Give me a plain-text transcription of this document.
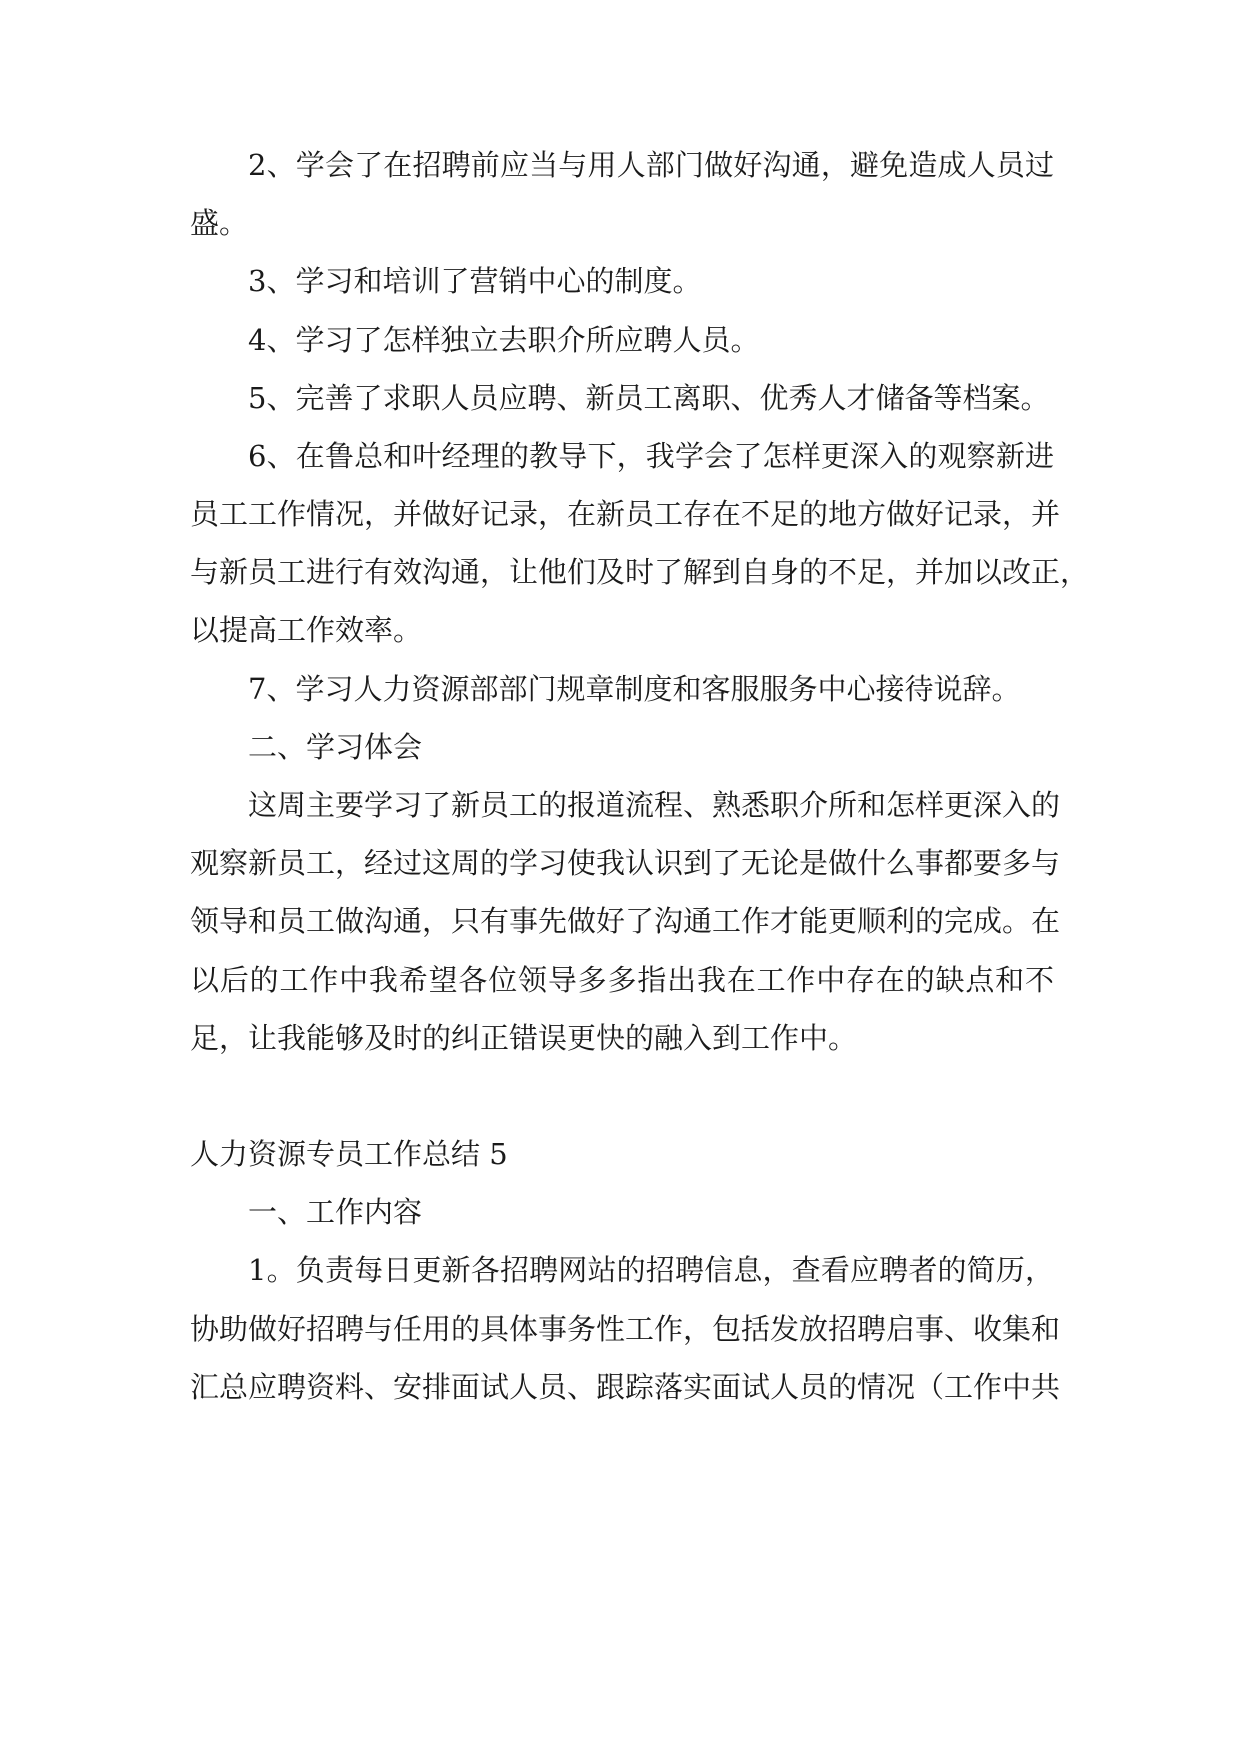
2、学会了在招聘前应当与用人部门做好沟通，避免造成人员过
盛。
3、学习和培训了营销中心的制度。
4、学习了怎样独立去职介所应聘人员。
5、完善了求职人员应聘、新员工离职、优秀人才储备等档案。
6、在鲁总和叶经理的教导下，我学会了怎样更深入的观察新进
员工工作情况，并做好记录，在新员工存在不足的地方做好记录，并
与新员工进行有效沟通，让他们及时了解到自身的不足，并加以改正，
以提高工作效率。
7、学习人力资源部部门规章制度和客服服务中心接待说辞。
二、学习体会
这周主要学习了新员工的报道流程、熟悉职介所和怎样更深入的
观察新员工，经过这周的学习使我认识到了无论是做什么事都要多与
领导和员工做沟通，只有事先做好了沟通工作才能更顺利的完成。在
以后的工作中我希望各位领导多多指出我在工作中存在的缺点和不
足，让我能够及时的纠正错误更快的融入到工作中。
人力资源专员工作总结 5
一、工作内容
1。负责每日更新各招聘网站的招聘信息，查看应聘者的简历，
协助做好招聘与任用的具体事务性工作，包括发放招聘启事、收集和
汇总应聘资料、安排面试人员、跟踪落实面试人员的情况（工作中共
